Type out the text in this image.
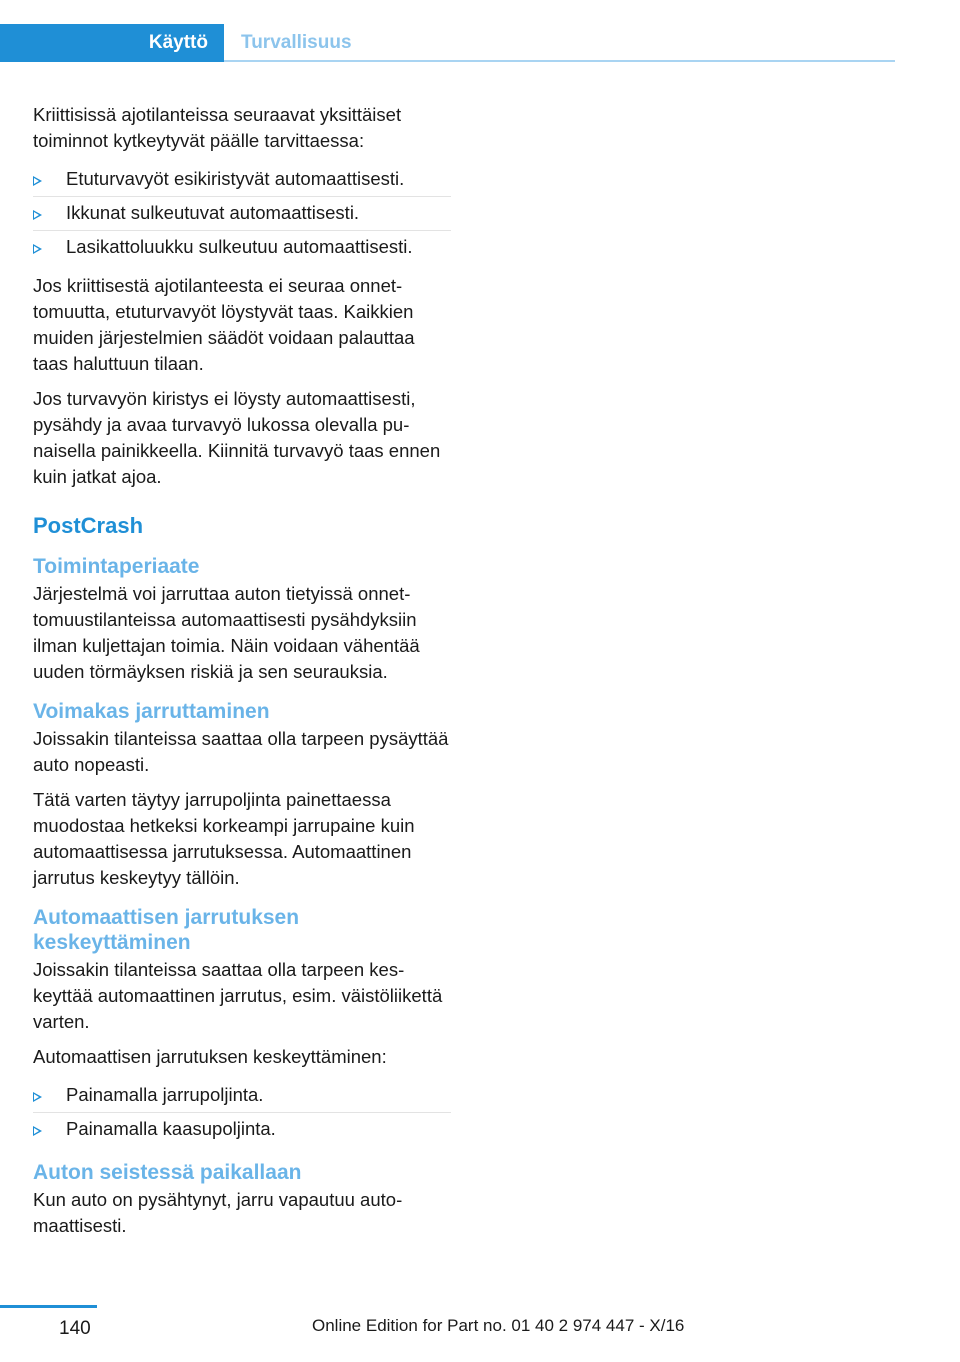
Käyttö	Turvallisuus

Kriittisissä ajotilanteissa seuraavat yksittäiset toiminnot kytkeytyvät päälle tarvittaessa:

Etuturvavyöt esikiristyvät automaattisesti.
Ikkunat sulkeutuvat automaattisesti.
Lasikattoluukku sulkeutuu automaattisesti.

Jos kriittisestä ajotilanteesta ei seuraa onnettomuutta, etuturvavyöt löystyvät taas. Kaikkien muiden järjestelmien säädöt voidaan palauttaa taas haluttuun tilaan.

Jos turvavyön kiristys ei löysty automaattisesti, pysähdy ja avaa turvavyö lukossa olevalla punaisella painikkeella. Kiinnitä turvavyö taas ennen kuin jatkat ajoa.

PostCrash
Toimintaperiaate

Järjestelmä voi jarruttaa auton tietyissä onnettomuustilanteissa automaattisesti pysähdyksiin ilman kuljettajan toimia. Näin voidaan vähentää uuden törmäyksen riskiä ja sen seurauksia.

Voimakas jarruttaminen

Joissakin tilanteissa saattaa olla tarpeen pysäyttää auto nopeasti.

Tätä varten täytyy jarrupoljinta painettaessa muodostaa hetkeksi korkeampi jarrupaine kuin automaattisessa jarrutuksessa. Automaattinen jarrutus keskeytyy tällöin.

Automaattisen jarrutuksen keskeyttäminen

Joissakin tilanteissa saattaa olla tarpeen keskeyttää automaattinen jarrutus, esim. väistöliikettä varten.

Automaattisen jarrutuksen keskeyttäminen:

Painamalla jarrupoljinta.
Painamalla kaasupoljinta.
Auton seistessä paikallaan

Kun auto on pysähtynyt, jarru vapautuu automaattisesti.

140	Online Edition for Part no. 01 40 2 974 447 - X/16
